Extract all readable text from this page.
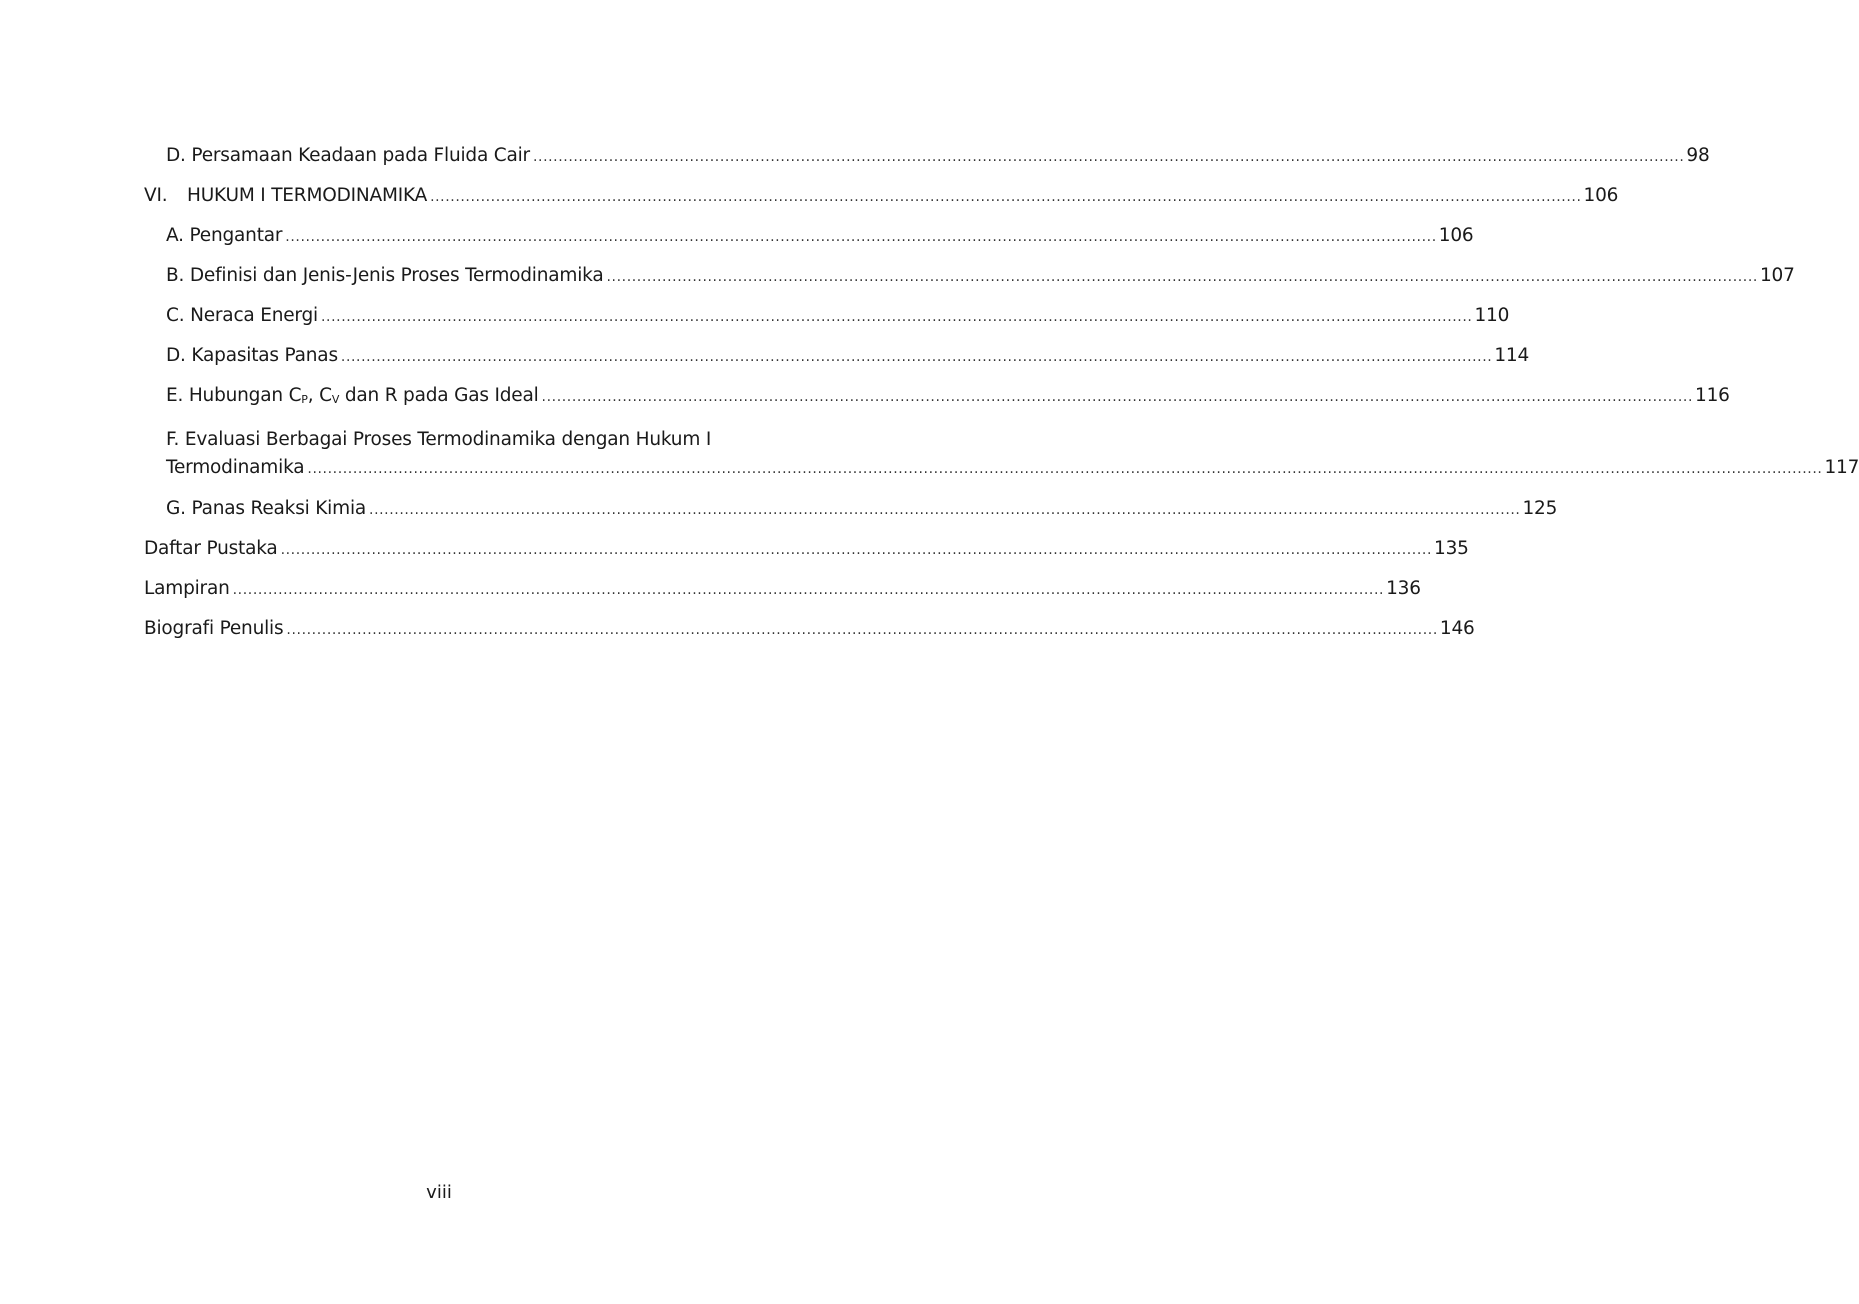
D. Persamaan Keadaan pada Fluida Cair .....	98
VI. HUKUM I TERMODINAMIKA .....	106
A. Pengantar .....	106
B. Definisi dan Jenis-Jenis Proses Termodinamika .....	107
C. Neraca Energi .....	110
D. Kapasitas Panas .....	114
E. Hubungan CP, CV dan R pada Gas Ideal .....	116
F. Evaluasi Berbagai Proses Termodinamika dengan Hukum I
Termodinamika ............................................................................................................................................................................................................................................................................................................ 117
G. Panas Reaksi Kimia .....	125
Daftar Pustaka .....	135
Lampiran .....	136
Biografi Penulis .....	146
viii
